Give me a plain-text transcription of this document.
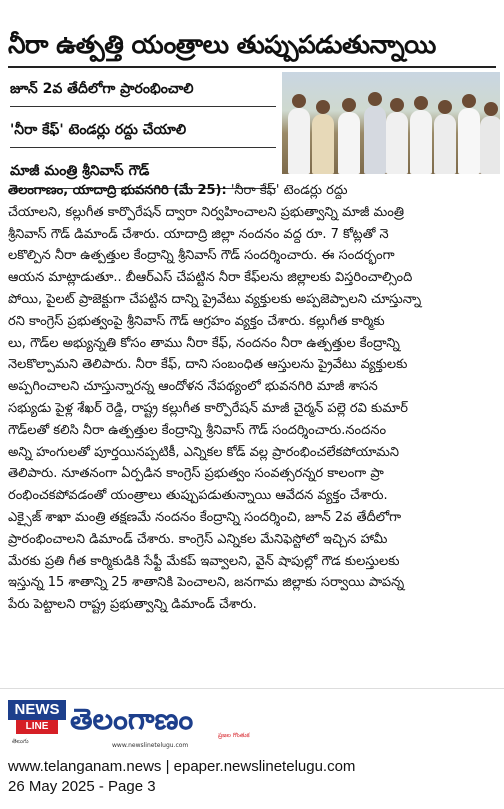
నీరా ఉత్పత్తి యంత్రాలు తుప్పుపడుతున్నాయి
జూన్ 2వ తేదీలోగా ప్రారంభించాలి
'నీరా కేఫ్' టెండర్లు రద్దు చేయాలి
మాజీ మంత్రి శ్రీనివాస్ గౌడ్

తెలంగాణం, యాదాద్రి భువనగిరి (మే 25): 'నీరా కేఫ్' టెండర్లు రద్దు

చేయాలని, కల్లుగీత కార్పొరేషన్ ద్వారా నిర్వహించాలని ప్రభుత్వాన్ని మాజీ మంత్రి

శ్రీనివాస్ గౌడ్ డిమాండ్ చేశారు. యాదాద్రి జిల్లా నందనం వద్ద రూ. 7 కోట్లతో నె

లకొల్పిన నీరా ఉత్పత్తుల కేంద్రాన్ని శ్రీనివాస్ గౌడ్ సందర్శించారు. ఈ సందర్భంగా

ఆయన మాట్లాడుతూ.. బీఆర్ఎస్ చేపట్టిన నీరా కేఫ్‌లను జిల్లాలకు విస్తరించాల్సింది

పోయి, పైలట్ ప్రాజెక్టుగా చేపట్టిన దాన్ని ప్రైవేటు వ్యక్తులకు అప్పజెప్పాలని చూస్తున్నా

రని కాంగ్రెస్ ప్రభుత్వంపై శ్రీనివాస్ గౌడ్ ఆగ్రహం వ్యక్తం చేశారు. కల్లుగీత కార్మికు

లు, గౌడ్‌ల అభ్యున్నతి కోసం తాము నీరా కేఫ్, నందనం నీరా ఉత్పత్తుల కేంద్రాన్ని

నెలకొల్పామని తెలిపారు. నీరా కేఫ్, దాని సంబంధిత ఆస్తులను ప్రైవేటు వ్యక్తులకు

అప్పగించాలని చూస్తున్నారన్న ఆందోళన నేపథ్యంలో భువనగిరి మాజీ శాసన

సభ్యుడు పైళ్ల శేఖర్ రెడ్డి, రాష్ట్ర కల్లుగీత కార్పొరేషన్ మాజీ చైర్మన్ పల్లె రవి కుమార్

గౌడ్‌లతో కలిసి నీరా ఉత్పత్తుల కేంద్రాన్ని శ్రీనివాస్ గౌడ్ సందర్శించారు.నందనం

అన్ని హంగులతో పూర్తయినప్పటికీ, ఎన్నికల కోడ్ వల్ల ప్రారంభించలేకపోయామని

తెలిపారు. నూతనంగా ఏర్పడిన కాంగ్రెస్ ప్రభుత్వం సంవత్సరన్నర కాలంగా ప్రా

రంభించకపోవడంతో యంత్రాలు తుప్పుపడుతున్నాయి ఆవేదన వ్యక్తం చేశారు.

ఎక్సైజ్ శాఖా మంత్రి తక్షణమే నందనం కేంద్రాన్ని సందర్శించి, జూన్ 2వ తేదీలోగా

ప్రారంభించాలని డిమాండ్ చేశారు. కాంగ్రెస్ ఎన్నికల మేనిఫెస్టోలో ఇచ్చిన హామీ

మేరకు ప్రతి గీత కార్మికుడికి సేఫ్టీ మేకప్ ఇవ్వాలని, వైన్ షాపుల్లో గౌడ కులస్తులకు

ఇస్తున్న 15 శాతాన్ని 25 శాతానికి పెంచాలని, జనగామ జిల్లాకు సర్వాయి పాపన్న

పేరు పెట్టాలని రాష్ట్ర ప్రభుత్వాన్ని డిమాండ్ చేశారు.

NEWS
LINE
తెలుగు
తెలంగాణం	ప్రజల గొంతుక
www.newslinetelugu.com
www.telanganam.news | epaper.newslinetelugu.com
26 May 2025 - Page 3
